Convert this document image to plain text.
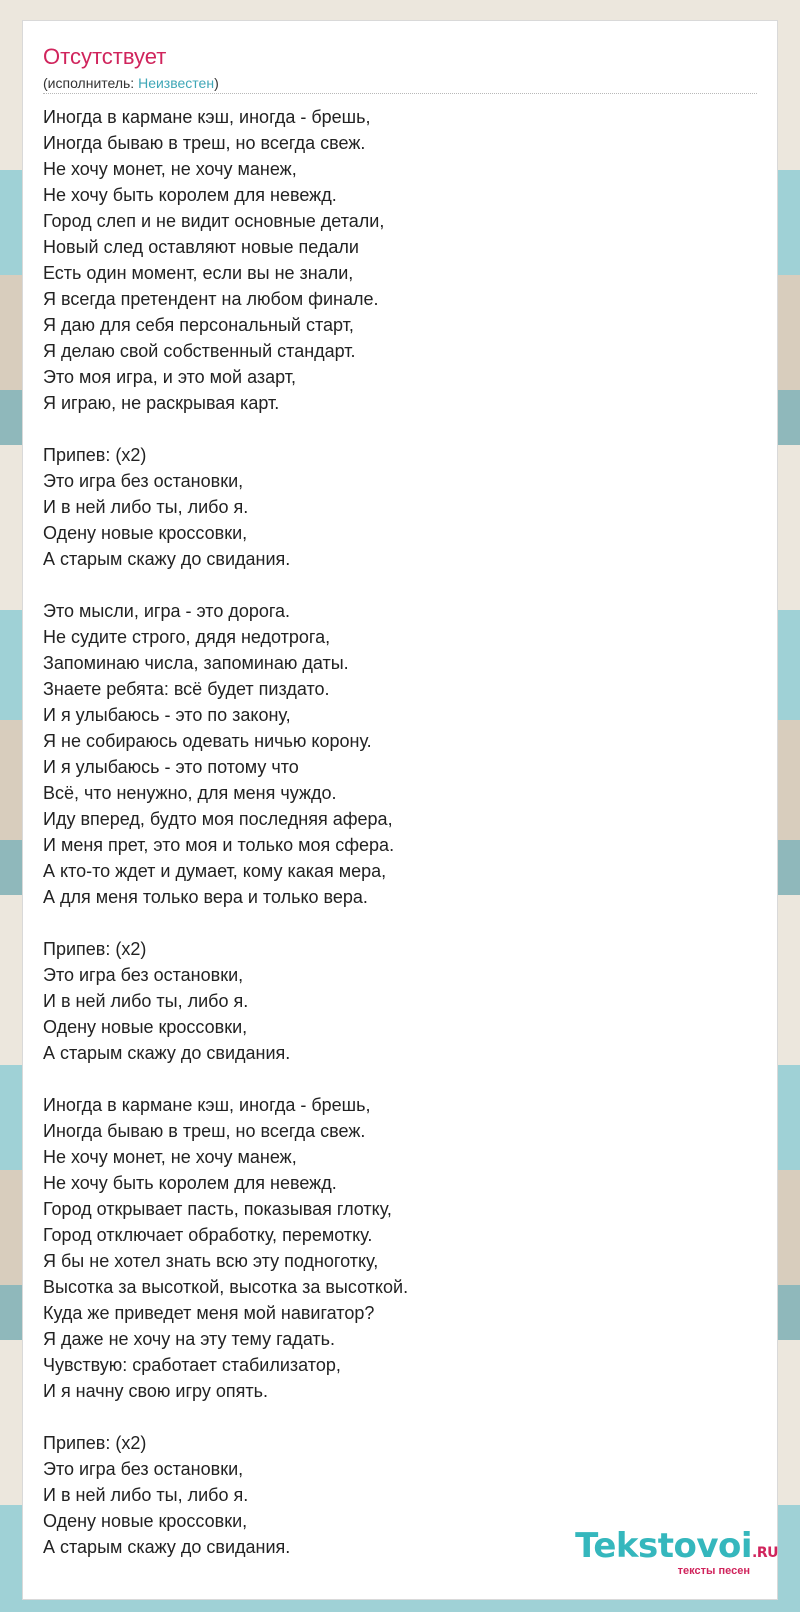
Отсутствует
(исполнитель: Неизвестен)
Иногда в кармане кэш, иногда - брешь,
Иногда бываю в треш, но всегда свеж.
Не хочу монет, не хочу манеж,
Не хочу быть королем для невежд.
Город слеп и не видит основные детали,
Новый след оставляют новые педали
Есть один момент, если вы не знали,
Я всегда претендент на любом финале.
Я даю для себя персональный старт,
Я делаю свой собственный стандарт.
Это моя игра, и это мой азарт,
Я играю, не раскрывая карт.

Припев: (x2)
Это игра без остановки,
И в ней либо ты, либо я.
Одену новые кроссовки,
А старым скажу до свидания.

Это мысли, игра - это дорога.
Не судите строго, дядя недотрога,
Запоминаю числа, запоминаю даты.
Знаете ребята: всё будет пиздато.
И я улыбаюсь - это по закону,
Я не собираюсь одевать ничью корону.
И я улыбаюсь - это потому что
Всё, что ненужно, для меня чуждо.
Иду вперед, будто моя последняя афера,
И меня прет, это моя и только моя сфера.
А кто-то ждет и думает, кому какая мера,
А для меня только вера и только вера.

Припев: (x2)
Это игра без остановки,
И в ней либо ты, либо я.
Одену новые кроссовки,
А старым скажу до свидания.

Иногда в кармане кэш, иногда - брешь,
Иногда бываю в треш, но всегда свеж.
Не хочу монет, не хочу манеж,
Не хочу быть королем для невежд.
Город открывает пасть, показывая глотку,
Город отключает обработку, перемотку.
Я бы не хотел знать всю эту подноготку,
Высотка за высоткой, высотка за высоткой.
Куда же приведет меня мой навигатор?
Я даже не хочу на эту тему гадать.
Чувствую: сработает стабилизатор,
И я начну свою игру опять.

Припев: (x2)
Это игра без остановки,
И в ней либо ты, либо я.
Одену новые кроссовки,
А старым скажу до свидания.	Tekstovoi.RU
тексты песен
